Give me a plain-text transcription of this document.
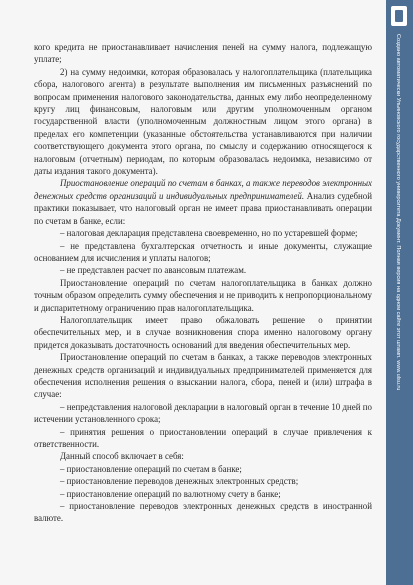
кого кредита не приостанавливает начисления пеней на сумму налога, подлежащую уплате;

2) на сумму недоимки, которая образовалась у налогоплательщика (плательщика сбора, налогового агента) в результате выполнения им письменных разъяснений по вопросам применения налогового законодательства, данных ему либо неопределенному кругу лиц финансовым, налоговым или другим уполномоченным органом государственной власти (уполномоченным должностным лицом этого органа) в пределах его компетенции (указанные обстоятельства устанавливаются при наличии соответствующего документа этого органа, по смыслу и содержанию относящегося к налоговым (отчетным) периодам, по которым образовалась недоимка, независимо от даты издания такого документа).

Приостановление операций по счетам в банках, а также переводов электронных денежных средств организаций и индивидуальных предпринимателей. Анализ судебной практики показывает, что налоговый орган не имеет права приостанавливать операции по счетам в банке, если:

– налоговая декларация представлена своевременно, но по устаревшей форме;

– не представлена бухгалтерская отчетность и иные документы, служащие основанием для исчисления и уплаты налогов;

– не представлен расчет по авансовым платежам.

Приостановление операций по счетам налогоплательщика в банках должно точным образом определить сумму обеспечения и не приводить к непропорциональному и диспаритетному ограничению прав налогоплательщика.

Налогоплательщик имеет право обжаловать решение о принятии обеспечительных мер, и в случае возникновения спора именно налоговому органу придется доказывать достаточность оснований для введения обеспечительных мер.

Приостановление операций по счетам в банках, а также переводов электронных денежных средств организаций и индивидуальных предпринимателей применяется для обеспечения исполнения решения о взыскании налога, сбора, пеней и (или) штрафа в случае:

– непредставления налоговой декларации в налоговый орган в течение 10 дней по истечении установленного срока;

– принятия решения о приостановлении операций в случае привлечения к ответственности.

Данный способ включает в себя:

– приостановление операций по счетам в банке;

– приостановление переводов денежных электронных средств;

– приостановление операций по валютному счету в банке;

– приостановление переводов электронных денежных средств в иностранной валюте.

Создано автоматически Ульяновского государственного университета Документ. Полная версия на одном сайте этот штамп. www.ulsu.ru
